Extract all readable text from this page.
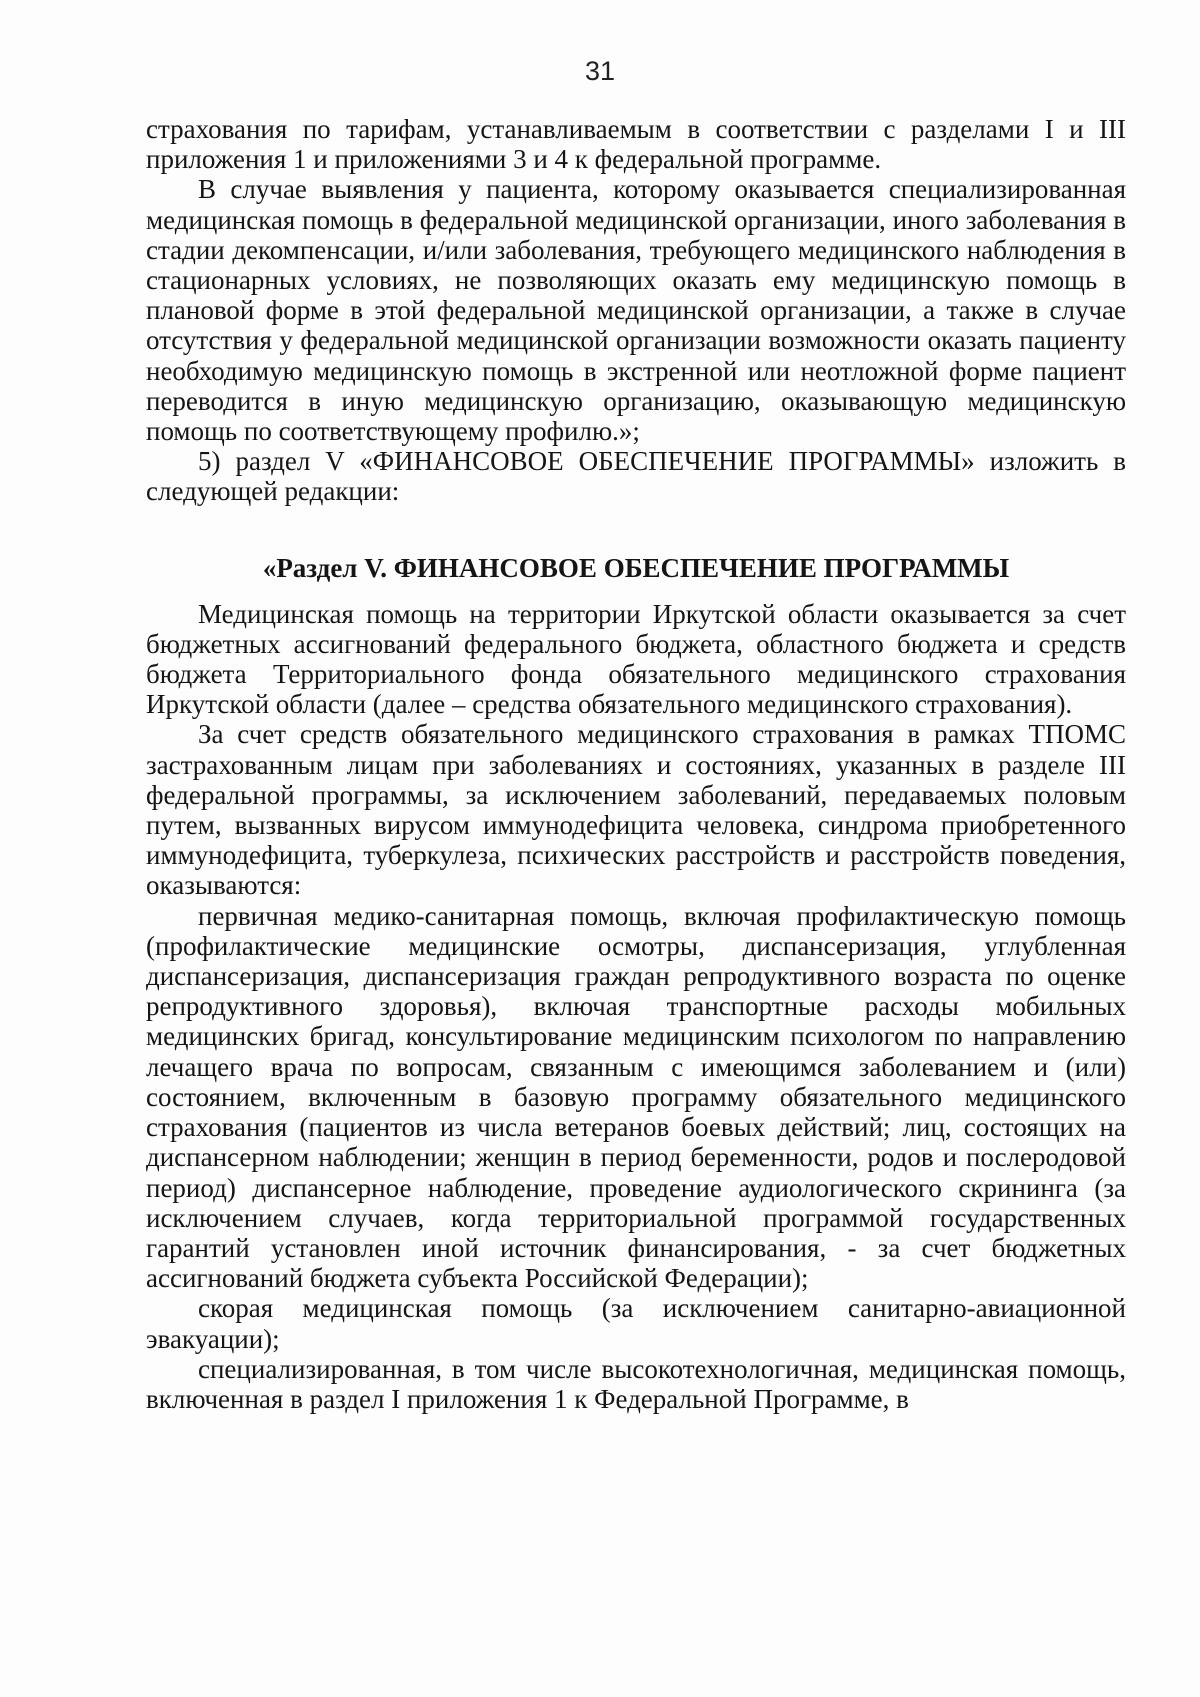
31

страхования по тарифам, устанавливаемым в соответствии с разделами I и III приложения 1 и приложениями 3 и 4 к федеральной программе.

В случае выявления у пациента, которому оказывается специализированная медицинская помощь в федеральной медицинской организации, иного заболевания в стадии декомпенсации, и/или заболевания, требующего медицинского наблюдения в стационарных условиях, не позволяющих оказать ему медицинскую помощь в плановой форме в этой федеральной медицинской организации, а также в случае отсутствия у федеральной медицинской организации возможности оказать пациенту необходимую медицинскую помощь в экстренной или неотложной форме пациент переводится в иную медицинскую организацию, оказывающую медицинскую помощь по соответствующему профилю.»;

5) раздел V «ФИНАНСОВОЕ ОБЕСПЕЧЕНИЕ ПРОГРАММЫ» изложить в следующей редакции:

«Раздел V. ФИНАНСОВОЕ ОБЕСПЕЧЕНИЕ ПРОГРАММЫ

Медицинская помощь на территории Иркутской области оказывается за счет бюджетных ассигнований федерального бюджета, областного бюджета и средств бюджета Территориального фонда обязательного медицинского страхования Иркутской области (далее – средства обязательного медицинского страхования).

За счет средств обязательного медицинского страхования в рамках ТПОМС застрахованным лицам при заболеваниях и состояниях, указанных в разделе III федеральной программы, за исключением заболеваний, передаваемых половым путем, вызванных вирусом иммунодефицита человека, синдрома приобретенного иммунодефицита, туберкулеза, психических расстройств и расстройств поведения, оказываются:

первичная медико-санитарная помощь, включая профилактическую помощь (профилактические медицинские осмотры, диспансеризация, углубленная диспансеризация, диспансеризация граждан репродуктивного возраста по оценке репродуктивного здоровья), включая транспортные расходы мобильных медицинских бригад, консультирование медицинским психологом по направлению лечащего врача по вопросам, связанным с имеющимся заболеванием и (или) состоянием, включенным в базовую программу обязательного медицинского страхования (пациентов из числа ветеранов боевых действий; лиц, состоящих на диспансерном наблюдении; женщин в период беременности, родов и послеродовой период) диспансерное наблюдение, проведение аудиологического скрининга (за исключением случаев, когда территориальной программой государственных гарантий установлен иной источник финансирования, - за счет бюджетных ассигнований бюджета субъекта Российской Федерации);

скорая медицинская помощь (за исключением санитарно-авиационной эвакуации);

специализированная, в том числе высокотехнологичная, медицинская помощь, включенная в раздел I приложения 1 к Федеральной Программе, в
